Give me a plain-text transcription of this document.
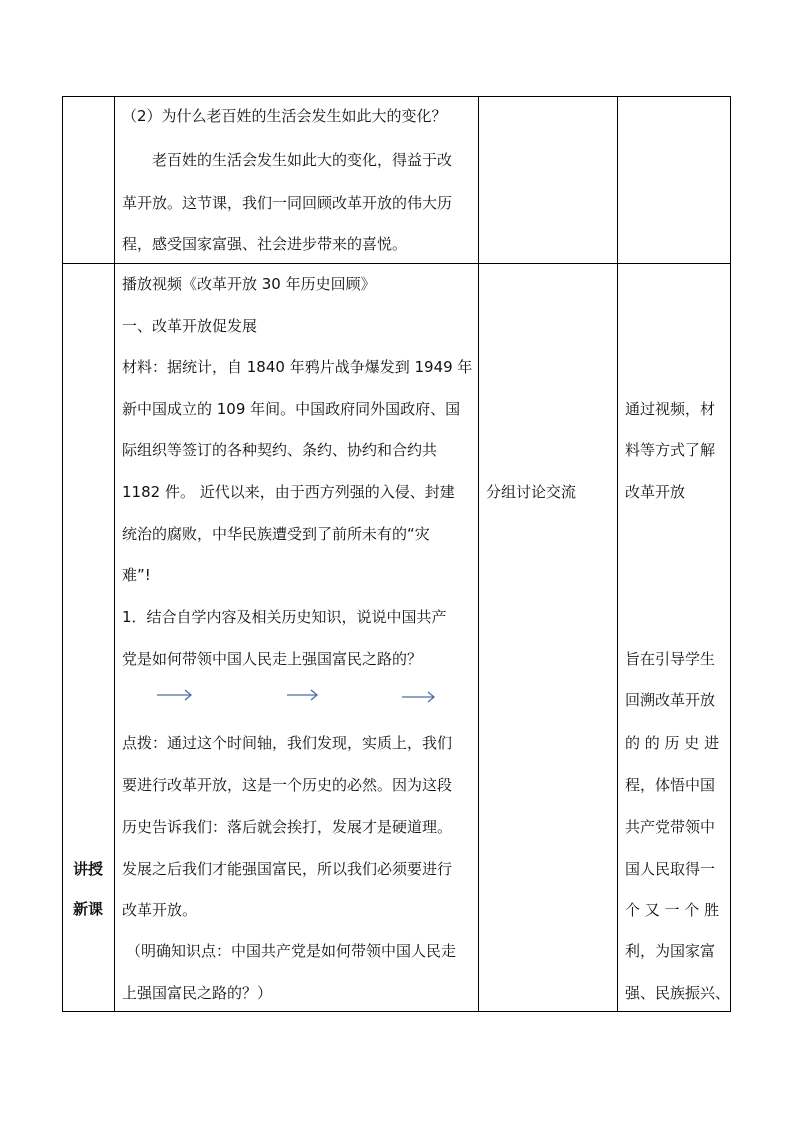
（2）为什么老百姓的生活会发生如此大的变化？
老百姓的生活会发生如此大的变化，得益于改
革开放。这节课，我们一同回顾改革开放的伟大历
程，感受国家富强、社会进步带来的喜悦。
讲授
新课
播放视频《改革开放 30 年历史回顾》
一、改革开放促发展
材料：据统计，自 1840 年鸦片战争爆发到 1949 年
新中国成立的 109 年间。中国政府同外国政府、国
际组织等签订的各种契约、条约、协约和合约共
1182 件。 近代以来，由于西方列强的入侵、封建
统治的腐败，中华民族遭受到了前所未有的“灾
难”!
1．结合自学内容及相关历史知识，说说中国共产
党是如何带领中国人民走上强国富民之路的？
点拨：通过这个时间轴，我们发现，实质上，我们
要进行改革开放，这是一个历史的必然。因为这段
历史告诉我们：落后就会挨打，发展才是硬道理。
发展之后我们才能强国富民，所以我们必须要进行
改革开放。
（明确知识点：中国共产党是如何带领中国人民走
上强国富民之路的？）
分组讨论交流
通过视频，材
料等方式了解
改革开放
旨在引导学生
回溯改革开放
的 的 历 史 进
程，体悟中国
共产党带领中
国人民取得一
个 又 一 个 胜
利，为国家富
强、民族振兴、
